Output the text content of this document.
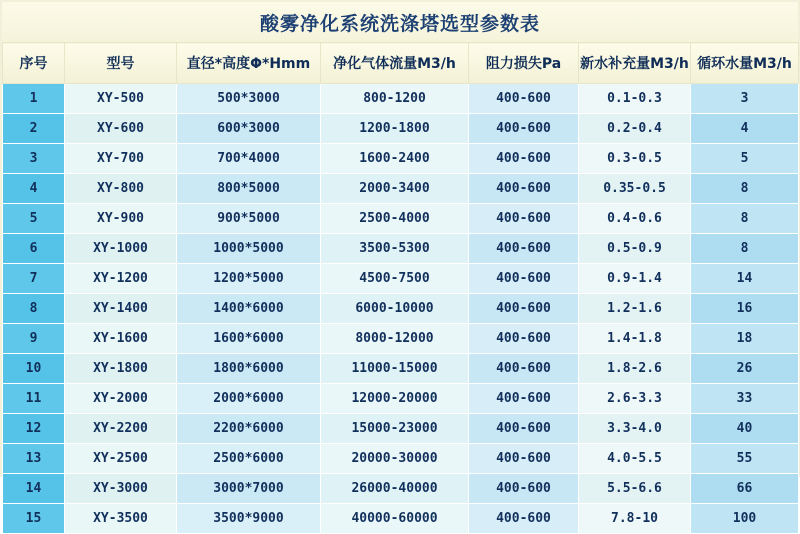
酸雾净化系统洗涤塔选型参数表
序号	型号	直径*高度Φ*Hmm	净化气体流量M3/h	阻力损失Pa	新水补充量M3/h	循环水量M3/h
1	XY-500	500*3000	800-1200	400-600	0.1-0.3	3
2	XY-600	600*3000	1200-1800	400-600	0.2-0.4	4
3	XY-700	700*4000	1600-2400	400-600	0.3-0.5	5
4	XY-800	800*5000	2000-3400	400-600	0.35-0.5	8
5	XY-900	900*5000	2500-4000	400-600	0.4-0.6	8
6	XY-1000	1000*5000	3500-5300	400-600	0.5-0.9	8
7	XY-1200	1200*5000	4500-7500	400-600	0.9-1.4	14
8	XY-1400	1400*6000	6000-10000	400-600	1.2-1.6	16
9	XY-1600	1600*6000	8000-12000	400-600	1.4-1.8	18
10	XY-1800	1800*6000	11000-15000	400-600	1.8-2.6	26
11	XY-2000	2000*6000	12000-20000	400-600	2.6-3.3	33
12	XY-2200	2200*6000	15000-23000	400-600	3.3-4.0	40
13	XY-2500	2500*6000	20000-30000	400-600	4.0-5.5	55
14	XY-3000	3000*7000	26000-40000	400-600	5.5-6.6	66
15	XY-3500	3500*9000	40000-60000	400-600	7.8-10	100
